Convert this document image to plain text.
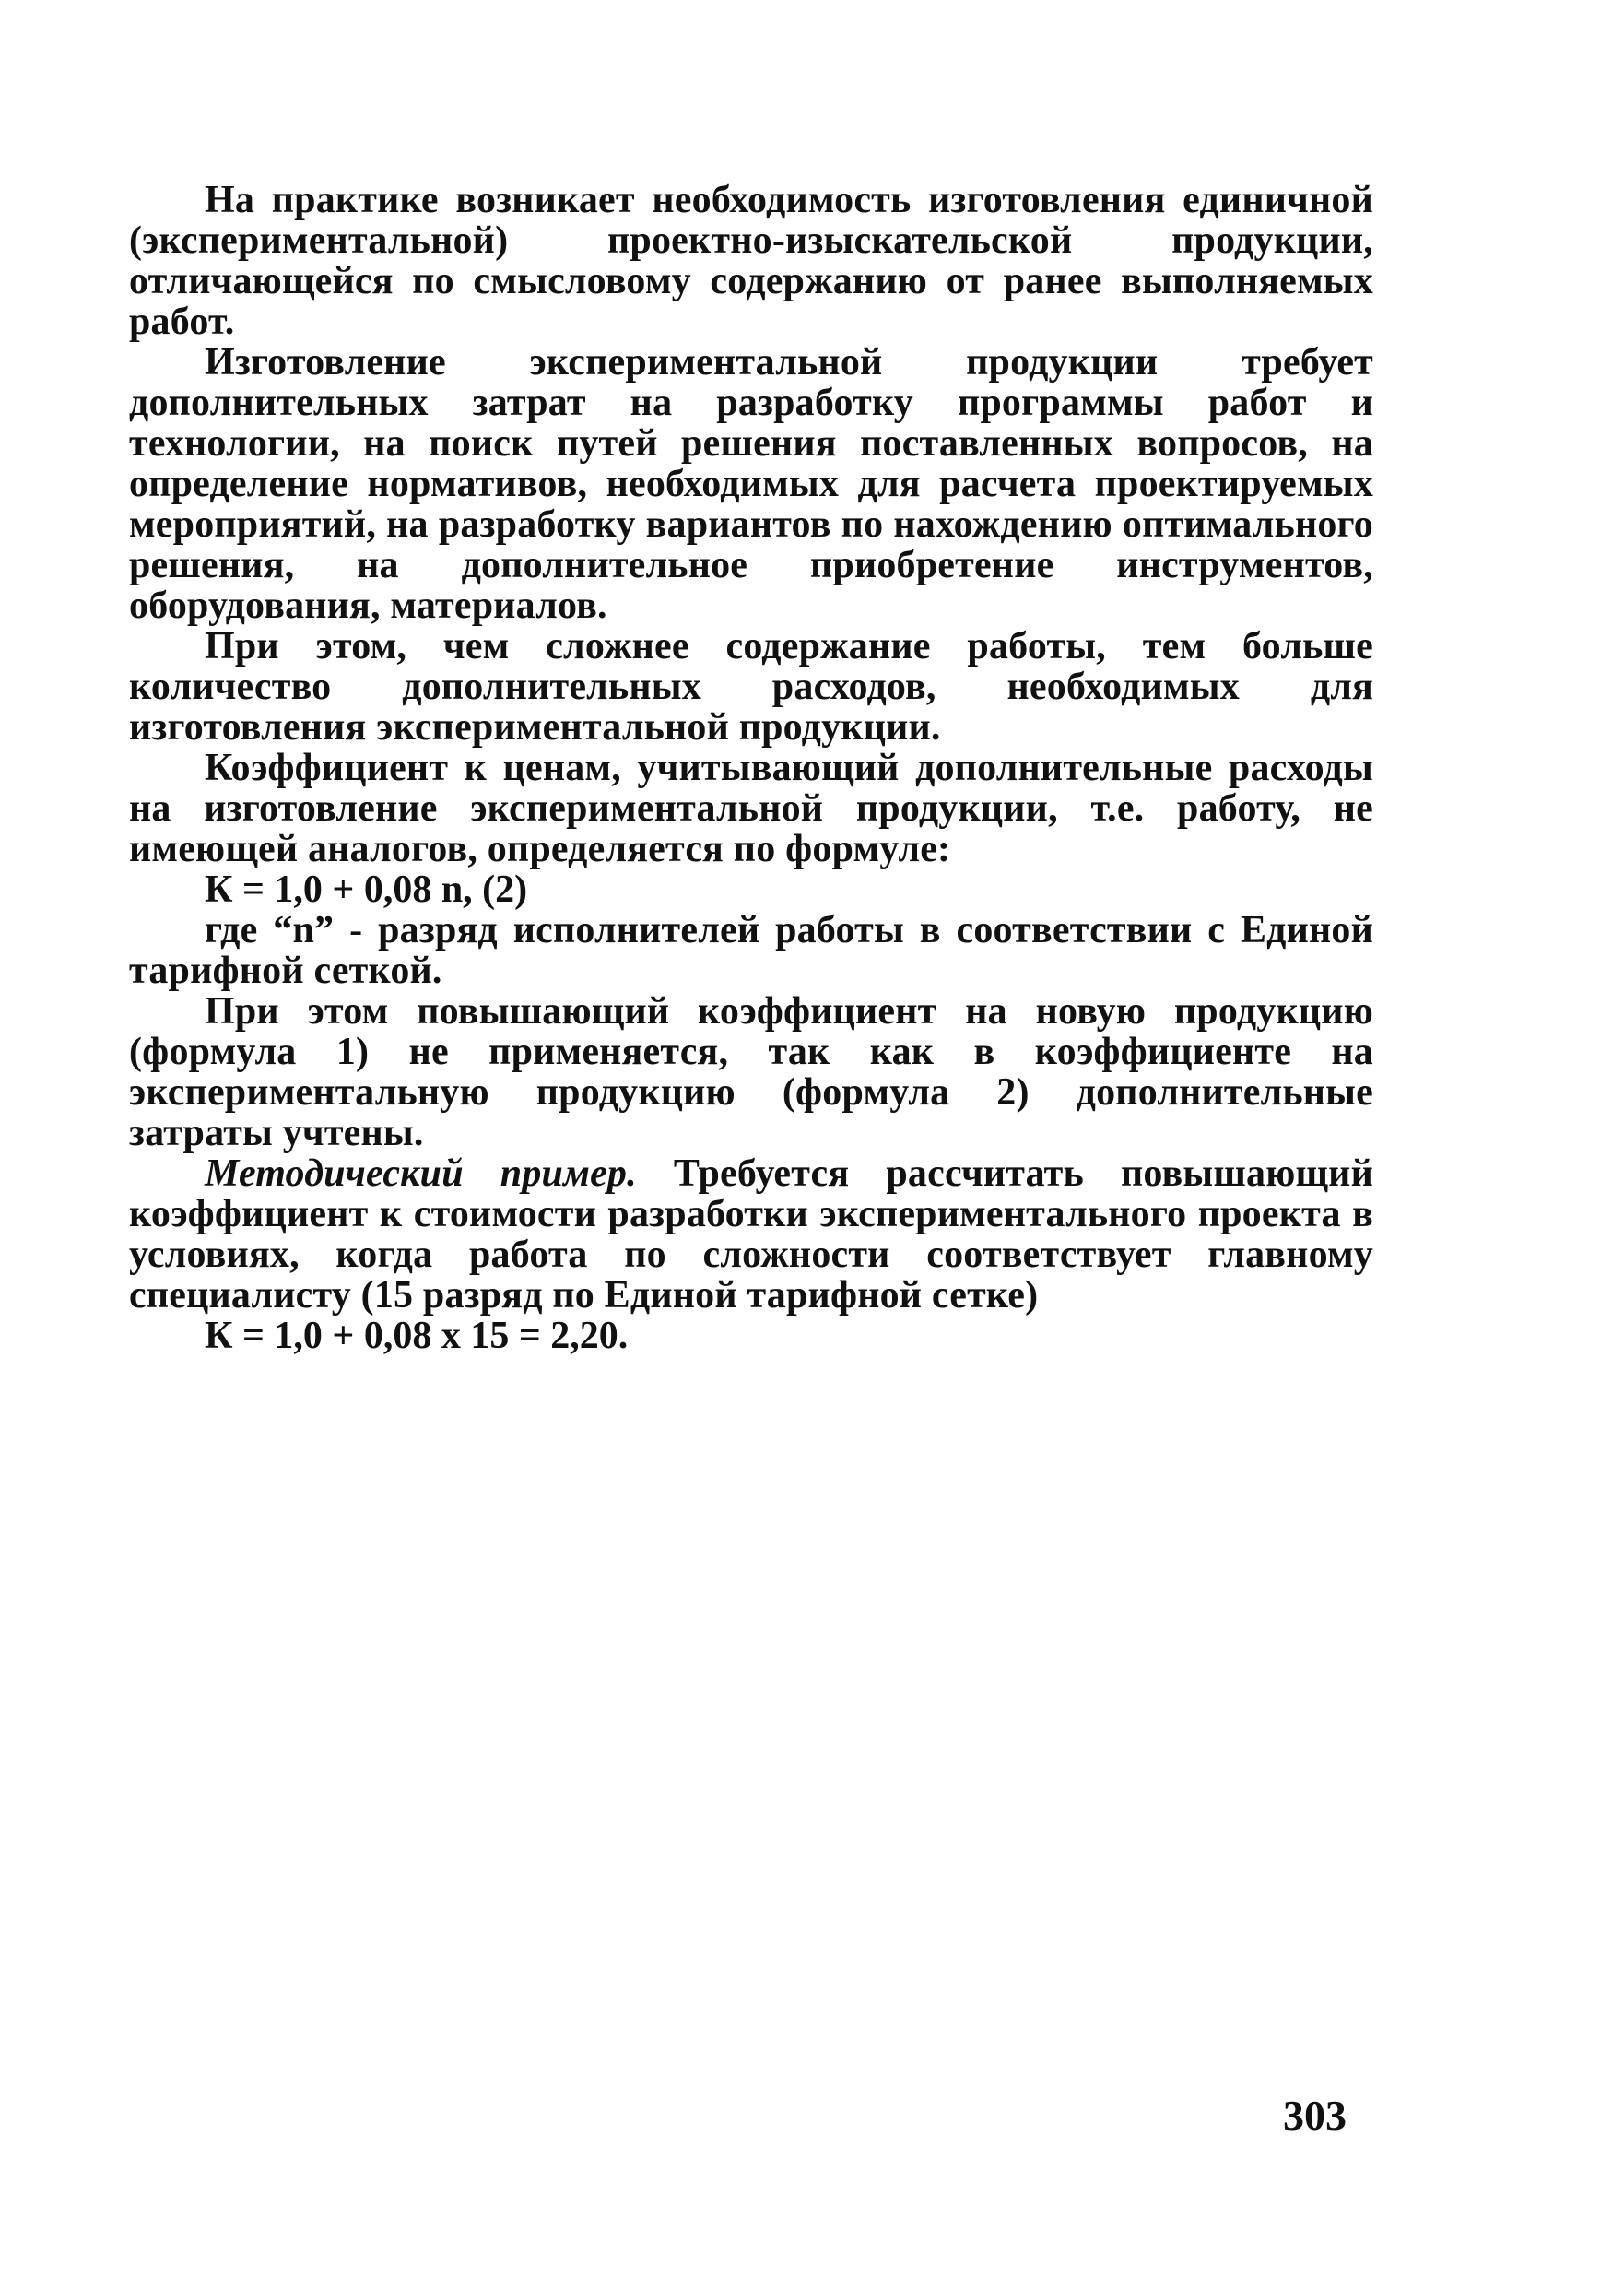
На практике возникает необходимость изготовления единичной (экспериментальной) проектно-изыскательской продукции, отличающейся по смысловому содержанию от ранее выполняемых работ.

Изготовление экспериментальной продукции требует дополнительных затрат на разработку программы работ и технологии, на поиск путей решения поставленных вопросов, на определение нормативов, необходимых для расчета проектируемых мероприятий, на разработку вариантов по нахождению оптимального решения, на дополнительное приобретение инструментов, оборудования, материалов.

При этом, чем сложнее содержание работы, тем больше количество дополнительных расходов, необходимых для изготовления экспериментальной продукции.

Коэффициент к ценам, учитывающий дополнительные расходы на изготовление экспериментальной продукции, т.е. работу, не имеющей аналогов, определяется по формуле:

К = 1,0 + 0,08 n, (2)

где “n” - разряд исполнителей работы в соответствии с Единой тарифной сеткой.

При этом повышающий коэффициент на новую продукцию (формула 1) не применяется, так как в коэффициенте на экспериментальную продукцию (формула 2) дополнительные затраты учтены.

Методический пример. Требуется рассчитать повышающий коэффициент к стоимости разработки экспериментального проекта в условиях, когда работа по сложности соответствует главному специалисту (15 разряд по Единой тарифной сетке)

К = 1,0 + 0,08 х 15 = 2,20.

303
